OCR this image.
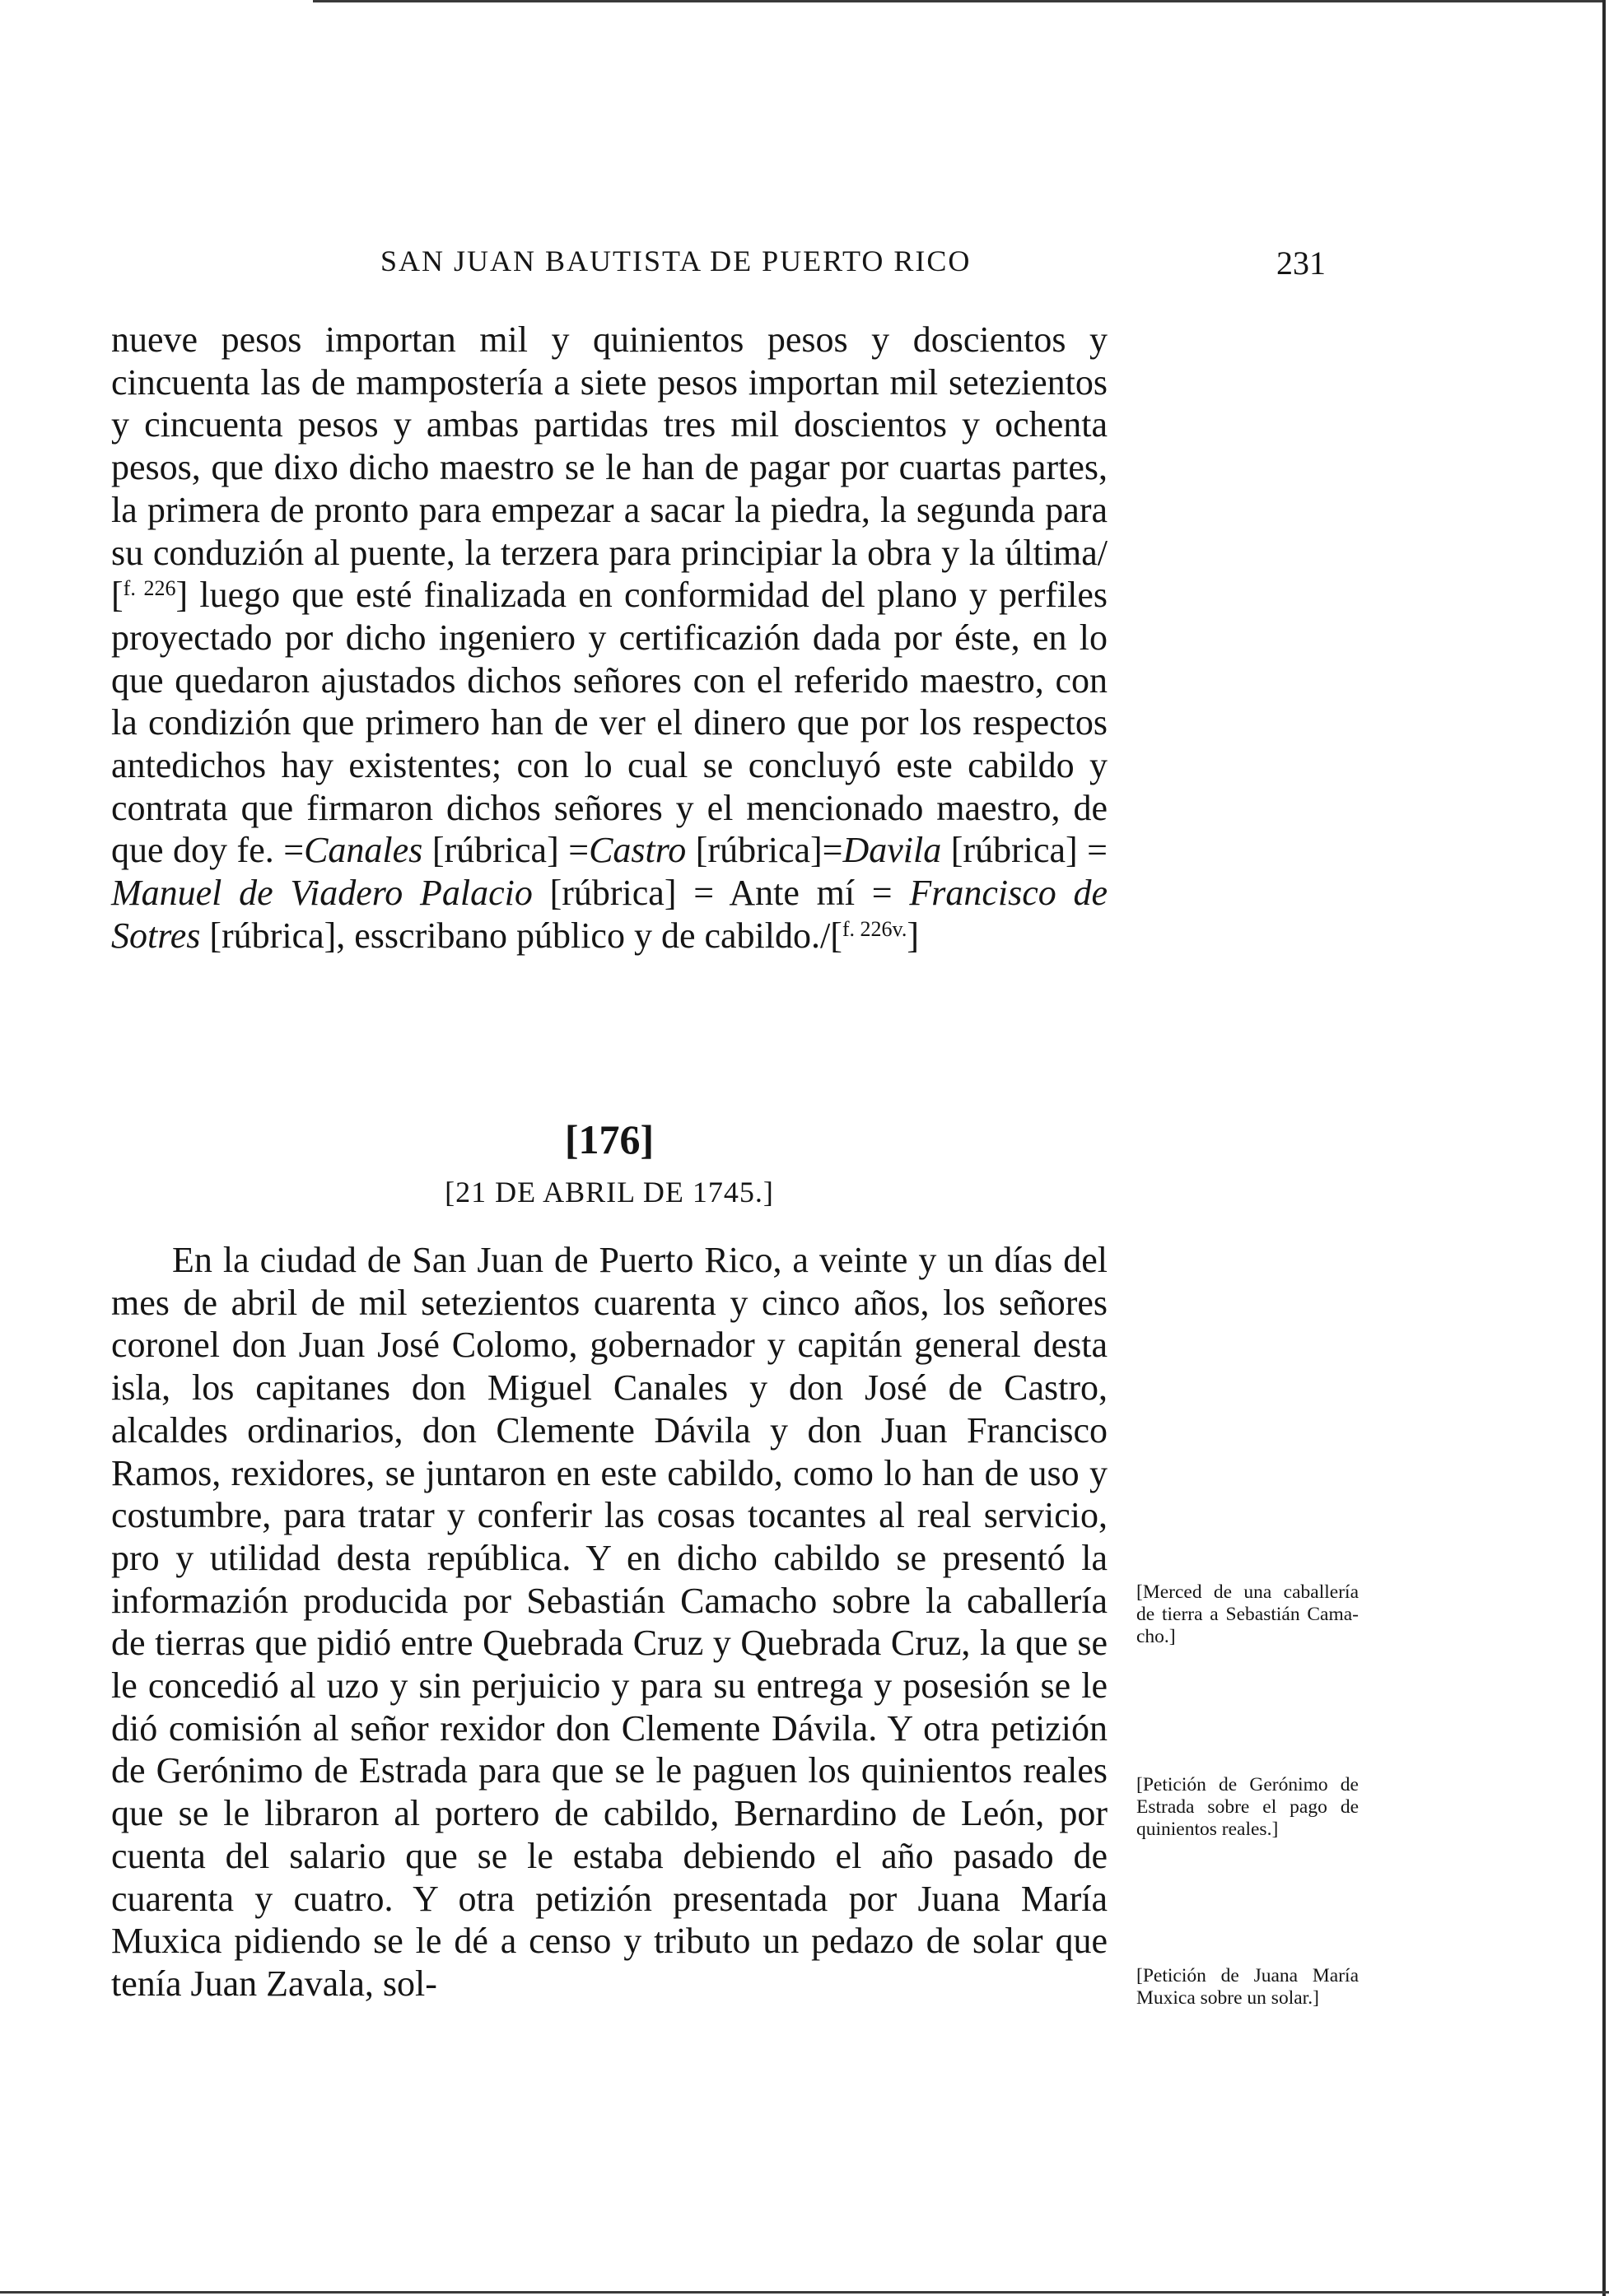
SAN JUAN BAUTISTA DE PUERTO RICO	231

nueve pesos importan mil y quinientos pesos y doscientos y cincuenta las de mampostería a siete pesos importan mil setezientos y cincuenta pesos y ambas partidas tres mil doscientos y ochenta pesos, que dixo dicho maestro se le han de pagar por cuartas partes, la primera de pronto para empezar a sacar la piedra, la segunda para su conduzión al puente, la terzera para principiar la obra y la última/ [$^{f. 226}$] luego que esté finalizada en conformidad del plano y perfiles proyectado por dicho ingeniero y certificazión dada por éste, en lo que quedaron ajustados dichos señores con el referido maestro, con la condizión que primero han de ver el dinero que por los respectos antedichos hay existentes; con lo cual se concluyó este cabildo y contrata que firmaron dichos señores y el mencionado maestro, de que doy fe. =Canales [rúbrica] =Castro [rúbrica]=Davila [rúbrica] = Manuel de Viadero Palacio [rúbrica] = Ante mí = Francisco de Sotres [rúbrica], esscribano público y de cabildo./[$^{f. 226v.}$]

[176]
[21 DE ABRIL DE 1745.]

En la ciudad de San Juan de Puerto Rico, a veinte y un días del mes de abril de mil setezientos cuarenta y cinco años, los señores coronel don Juan José Colomo, gobernador y capitán general desta isla, los capitanes don Miguel Canales y don José de Castro, alcaldes ordinarios, don Clemente Dávila y don Juan Francisco Ramos, rexidores, se juntaron en este cabildo, como lo han de uso y costumbre, para tratar y conferir las cosas tocantes al real servicio, pro y utilidad desta república. Y en dicho cabildo se presentó la informazión producida por Sebastián Camacho sobre la caballería de tierras que pidió entre Quebrada Cruz y Quebrada Cruz, la que se le concedió al uzo y sin perjuicio y para su entrega y posesión se le dió comisión al señor rexidor don Clemente Dávila. Y otra petizión de Gerónimo de Estrada para que se le paguen los quinientos reales que se le libraron al portero de cabildo, Bernardino de León, por cuenta del salario que se le estaba debiendo el año pasado de cuarenta y cuatro. Y otra petizión presentada por Juana María Muxica pidiendo se le dé a censo y tributo un pedazo de solar que tenía Juan Zavala, sol-

[Merced de una caballería de tierra a Sebastián Camacho.]

[Petición de Gerónimo de Estrada sobre el pago de quinientos reales.]

[Petición de Juana María Muxica sobre un solar.]
